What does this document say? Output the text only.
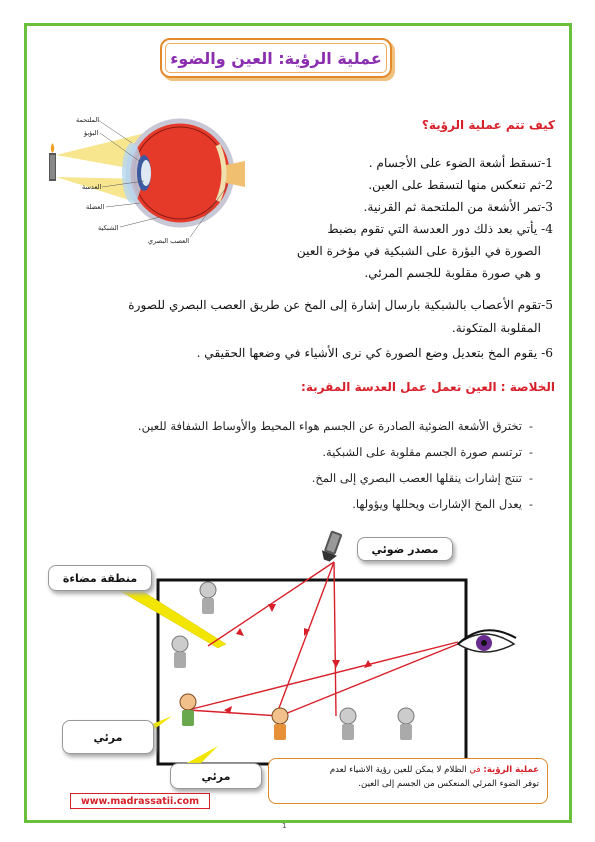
عملية الرؤية: العين والضوء
الملتحمة
البؤبؤ
العدسة
العضلة
الشبكية
العصب البصري
كيف تتم عملية الرؤية؟
1-تسقط أشعة الضوء على الأجسام .
2-ثم تنعكس منها لتسقط على العين.
3-تمر الأشعة من الملتحمة ثم القرنية.
4- يأتي بعد ذلك دور العدسة التي تقوم بضبط
الصورة في البؤرة على الشبكية في مؤخرة العين
و هي صورة مقلوبة للجسم المرئي.
5-تقوم الأعصاب بالشبكية بارسال إشارة إلى المخ عن طريق العصب البصري للصورة
المقلوبة المتكونة.
6- يقوم المخ بتعديل وضع الصورة كي نرى الأشياء في وضعها الحقيقي .
الخلاصة : العين تعمل عمل العدسة المقربة:
- تخترق الأشعة الضوئية الصادرة عن الجسم هواء المحيط والأوساط الشفافة للعين.
- ترتسم صورة الجسم مقلوبة على الشبكية.
- تنتج إشارات ينقلها العصب البصري إلى المخ.
- يعدل المخ الإشارات ويحللها ويؤولها.
مصدر ضوئي
منطقة مضاءة
مرئي
مرئي	عملية الرؤية: في الظلام لا يمكن للعين رؤية الاشياء لعدم
توفر الضوء المرئي المنعكس من الجسم إلى العين.
www.madrassatii.com
1
